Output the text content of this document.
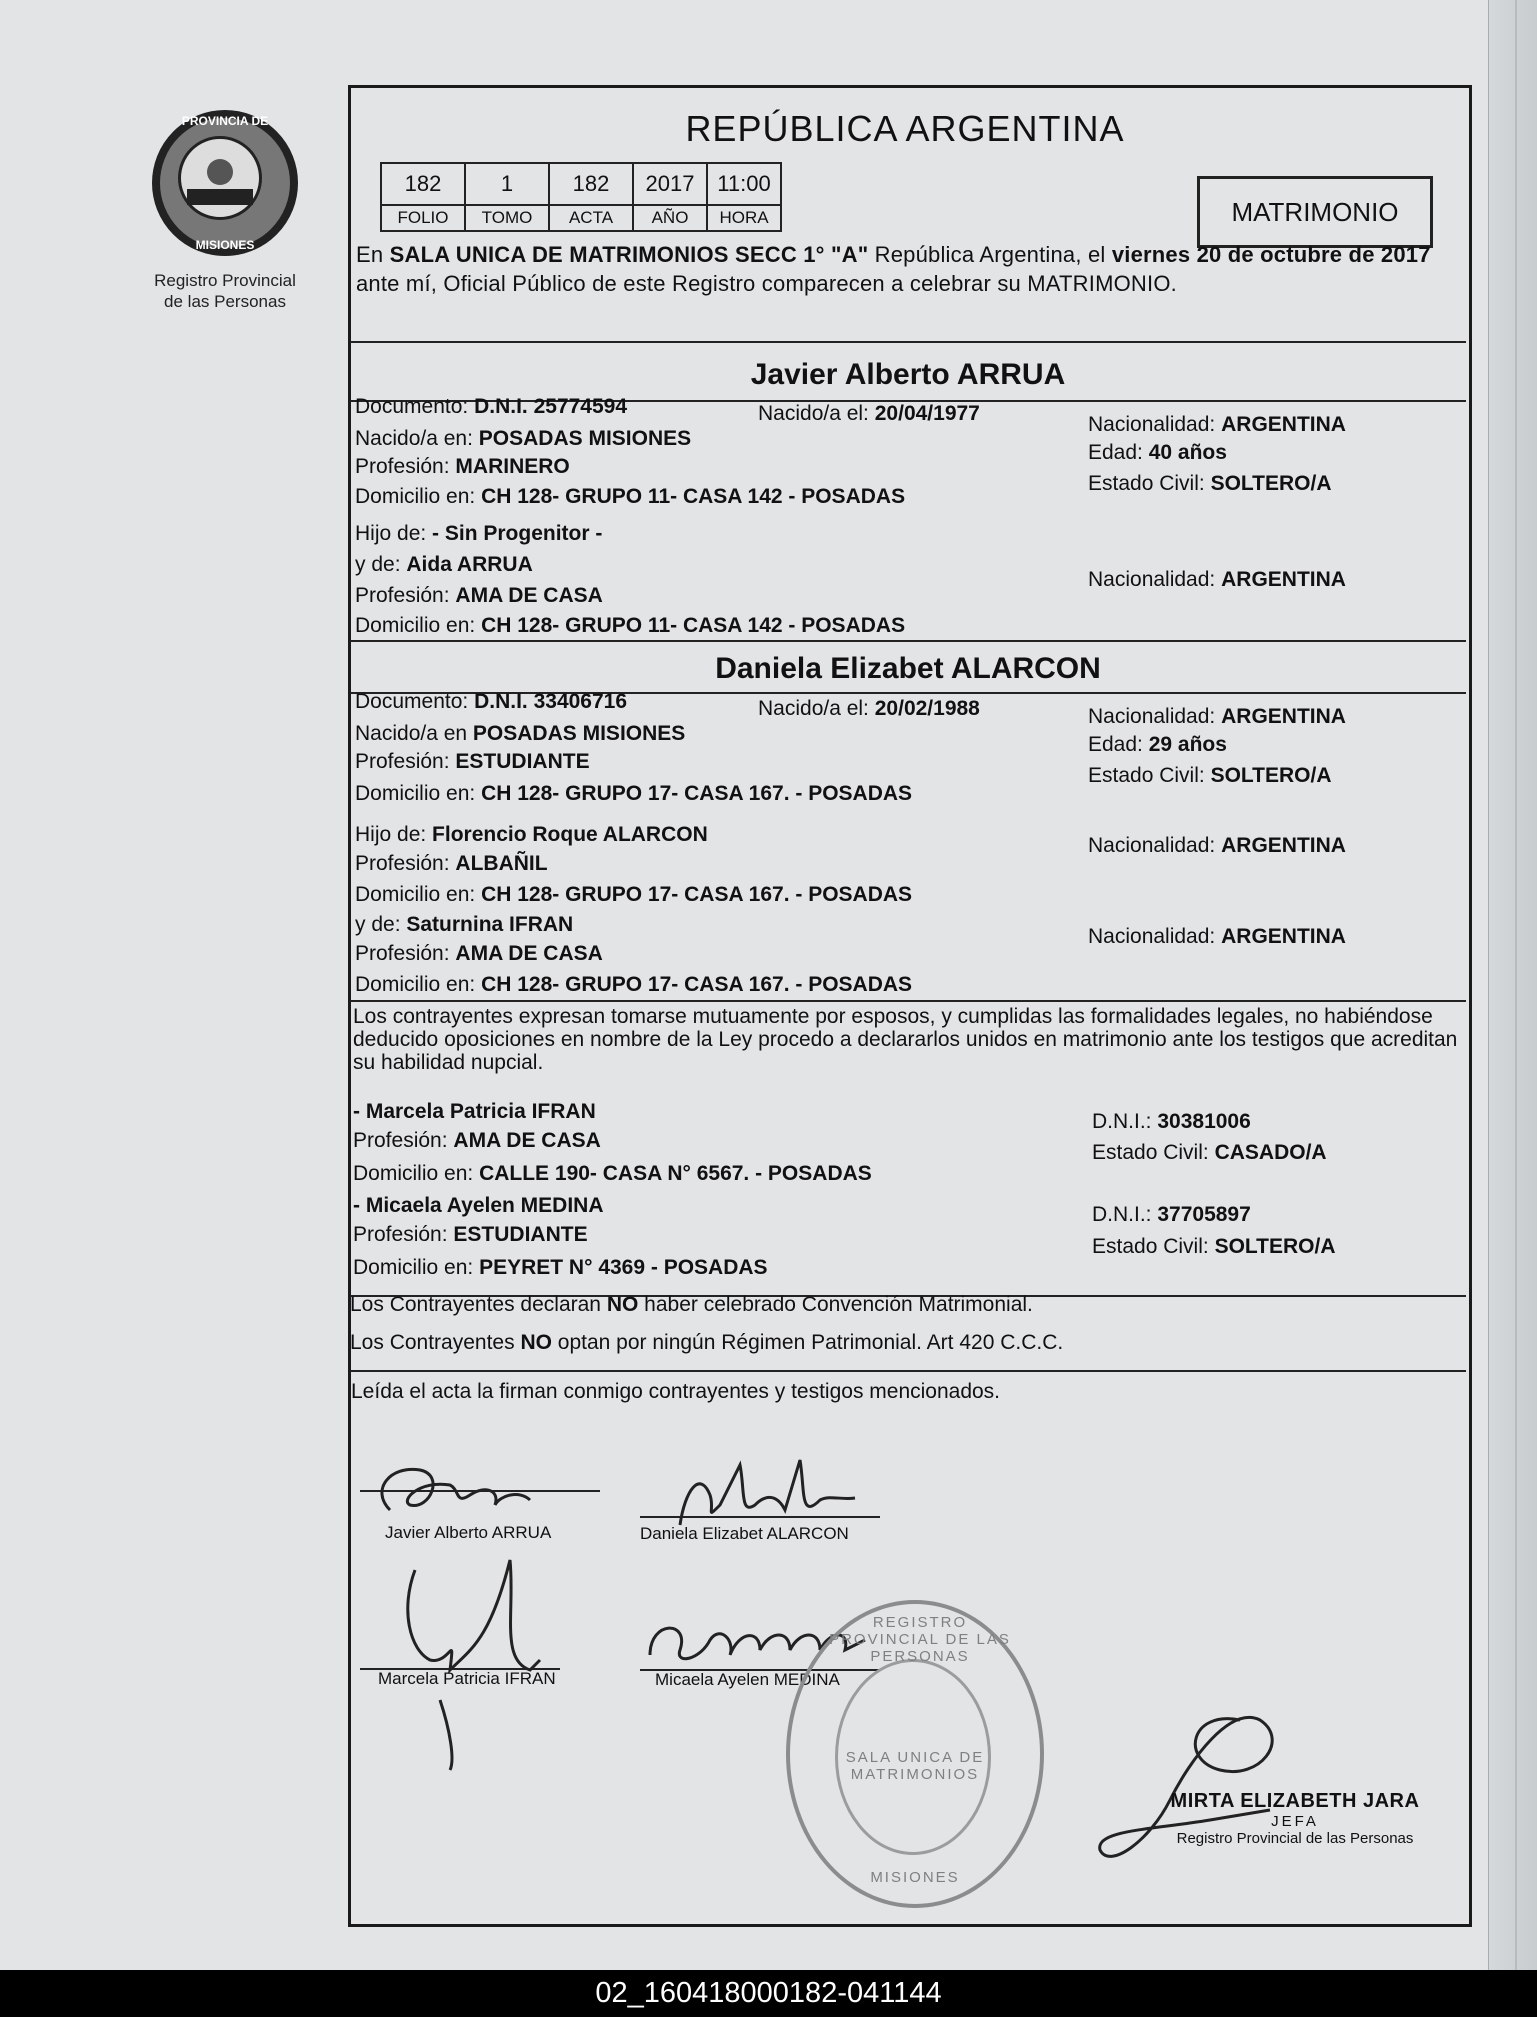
PROVINCIA DE
MISIONES
Registro Provincial
de las Personas
REPÚBLICA ARGENTINA
182	1	182	2017	11:00
FOLIO	TOMO	ACTA	AÑO	HORA	MATRIMONIO
En SALA UNICA DE MATRIMONIOS SECC 1° "A" República Argentina, el viernes 20 de octubre de 2017 ante mí, Oficial Público de este Registro comparecen a celebrar su MATRIMONIO.
Javier Alberto ARRUA
Documento: D.N.I. 25774594	Nacido/a el: 20/04/1977	Nacionalidad: ARGENTINA
Nacido/a en: POSADAS MISIONES
Edad: 40 años
Profesión: MARINERO
Estado Civil: SOLTERO/A
Domicilio en: CH 128- GRUPO 11- CASA 142 - POSADAS
Hijo de: - Sin Progenitor -
y de: Aida ARRUA
Nacionalidad: ARGENTINA
Profesión: AMA DE CASA
Domicilio en: CH 128- GRUPO 11- CASA 142 - POSADAS
Daniela Elizabet ALARCON
Documento: D.N.I. 33406716	Nacido/a el: 20/02/1988	Nacionalidad: ARGENTINA
Nacido/a en POSADAS MISIONES	Edad: 29 años
Profesión: ESTUDIANTE
Estado Civil: SOLTERO/A
Domicilio en: CH 128- GRUPO 17- CASA 167. - POSADAS
Hijo de: Florencio Roque ALARCON	Nacionalidad: ARGENTINA
Profesión: ALBAÑIL
Domicilio en: CH 128- GRUPO 17- CASA 167. - POSADAS
y de: Saturnina IFRAN
Nacionalidad: ARGENTINA
Profesión: AMA DE CASA
Domicilio en: CH 128- GRUPO 17- CASA 167. - POSADAS
Los contrayentes expresan tomarse mutuamente por esposos, y cumplidas las formalidades legales, no habiéndose deducido oposiciones en nombre de la Ley procedo a declararlos unidos en matrimonio ante los testigos que acreditan su habilidad nupcial.
- Marcela Patricia IFRAN	D.N.I.: 30381006
Profesión: AMA DE CASA
Estado Civil: CASADO/A
Domicilio en: CALLE 190- CASA N° 6567. - POSADAS
- Micaela Ayelen MEDINA	D.N.I.: 37705897
Profesión: ESTUDIANTE
Estado Civil: SOLTERO/A
Domicilio en: PEYRET N° 4369 - POSADAS
Los Contrayentes declaran NO haber celebrado Convención Matrimonial.
Los Contrayentes NO optan por ningún Régimen Patrimonial. Art 420 C.C.C.
Leída el acta la firman conmigo contrayentes y testigos mencionados.
Javier Alberto ARRUA	Daniela Elizabet ALARCON
Marcela Patricia IFRAN	Micaela Ayelen MEDINA
REGISTRO PROVINCIAL DE LAS PERSONAS
SALA UNICA DE MATRIMONIOS
MISIONES
MIRTA ELIZABETH JARA
JEFA
Registro Provincial de las Personas
02_160418000182-041144
